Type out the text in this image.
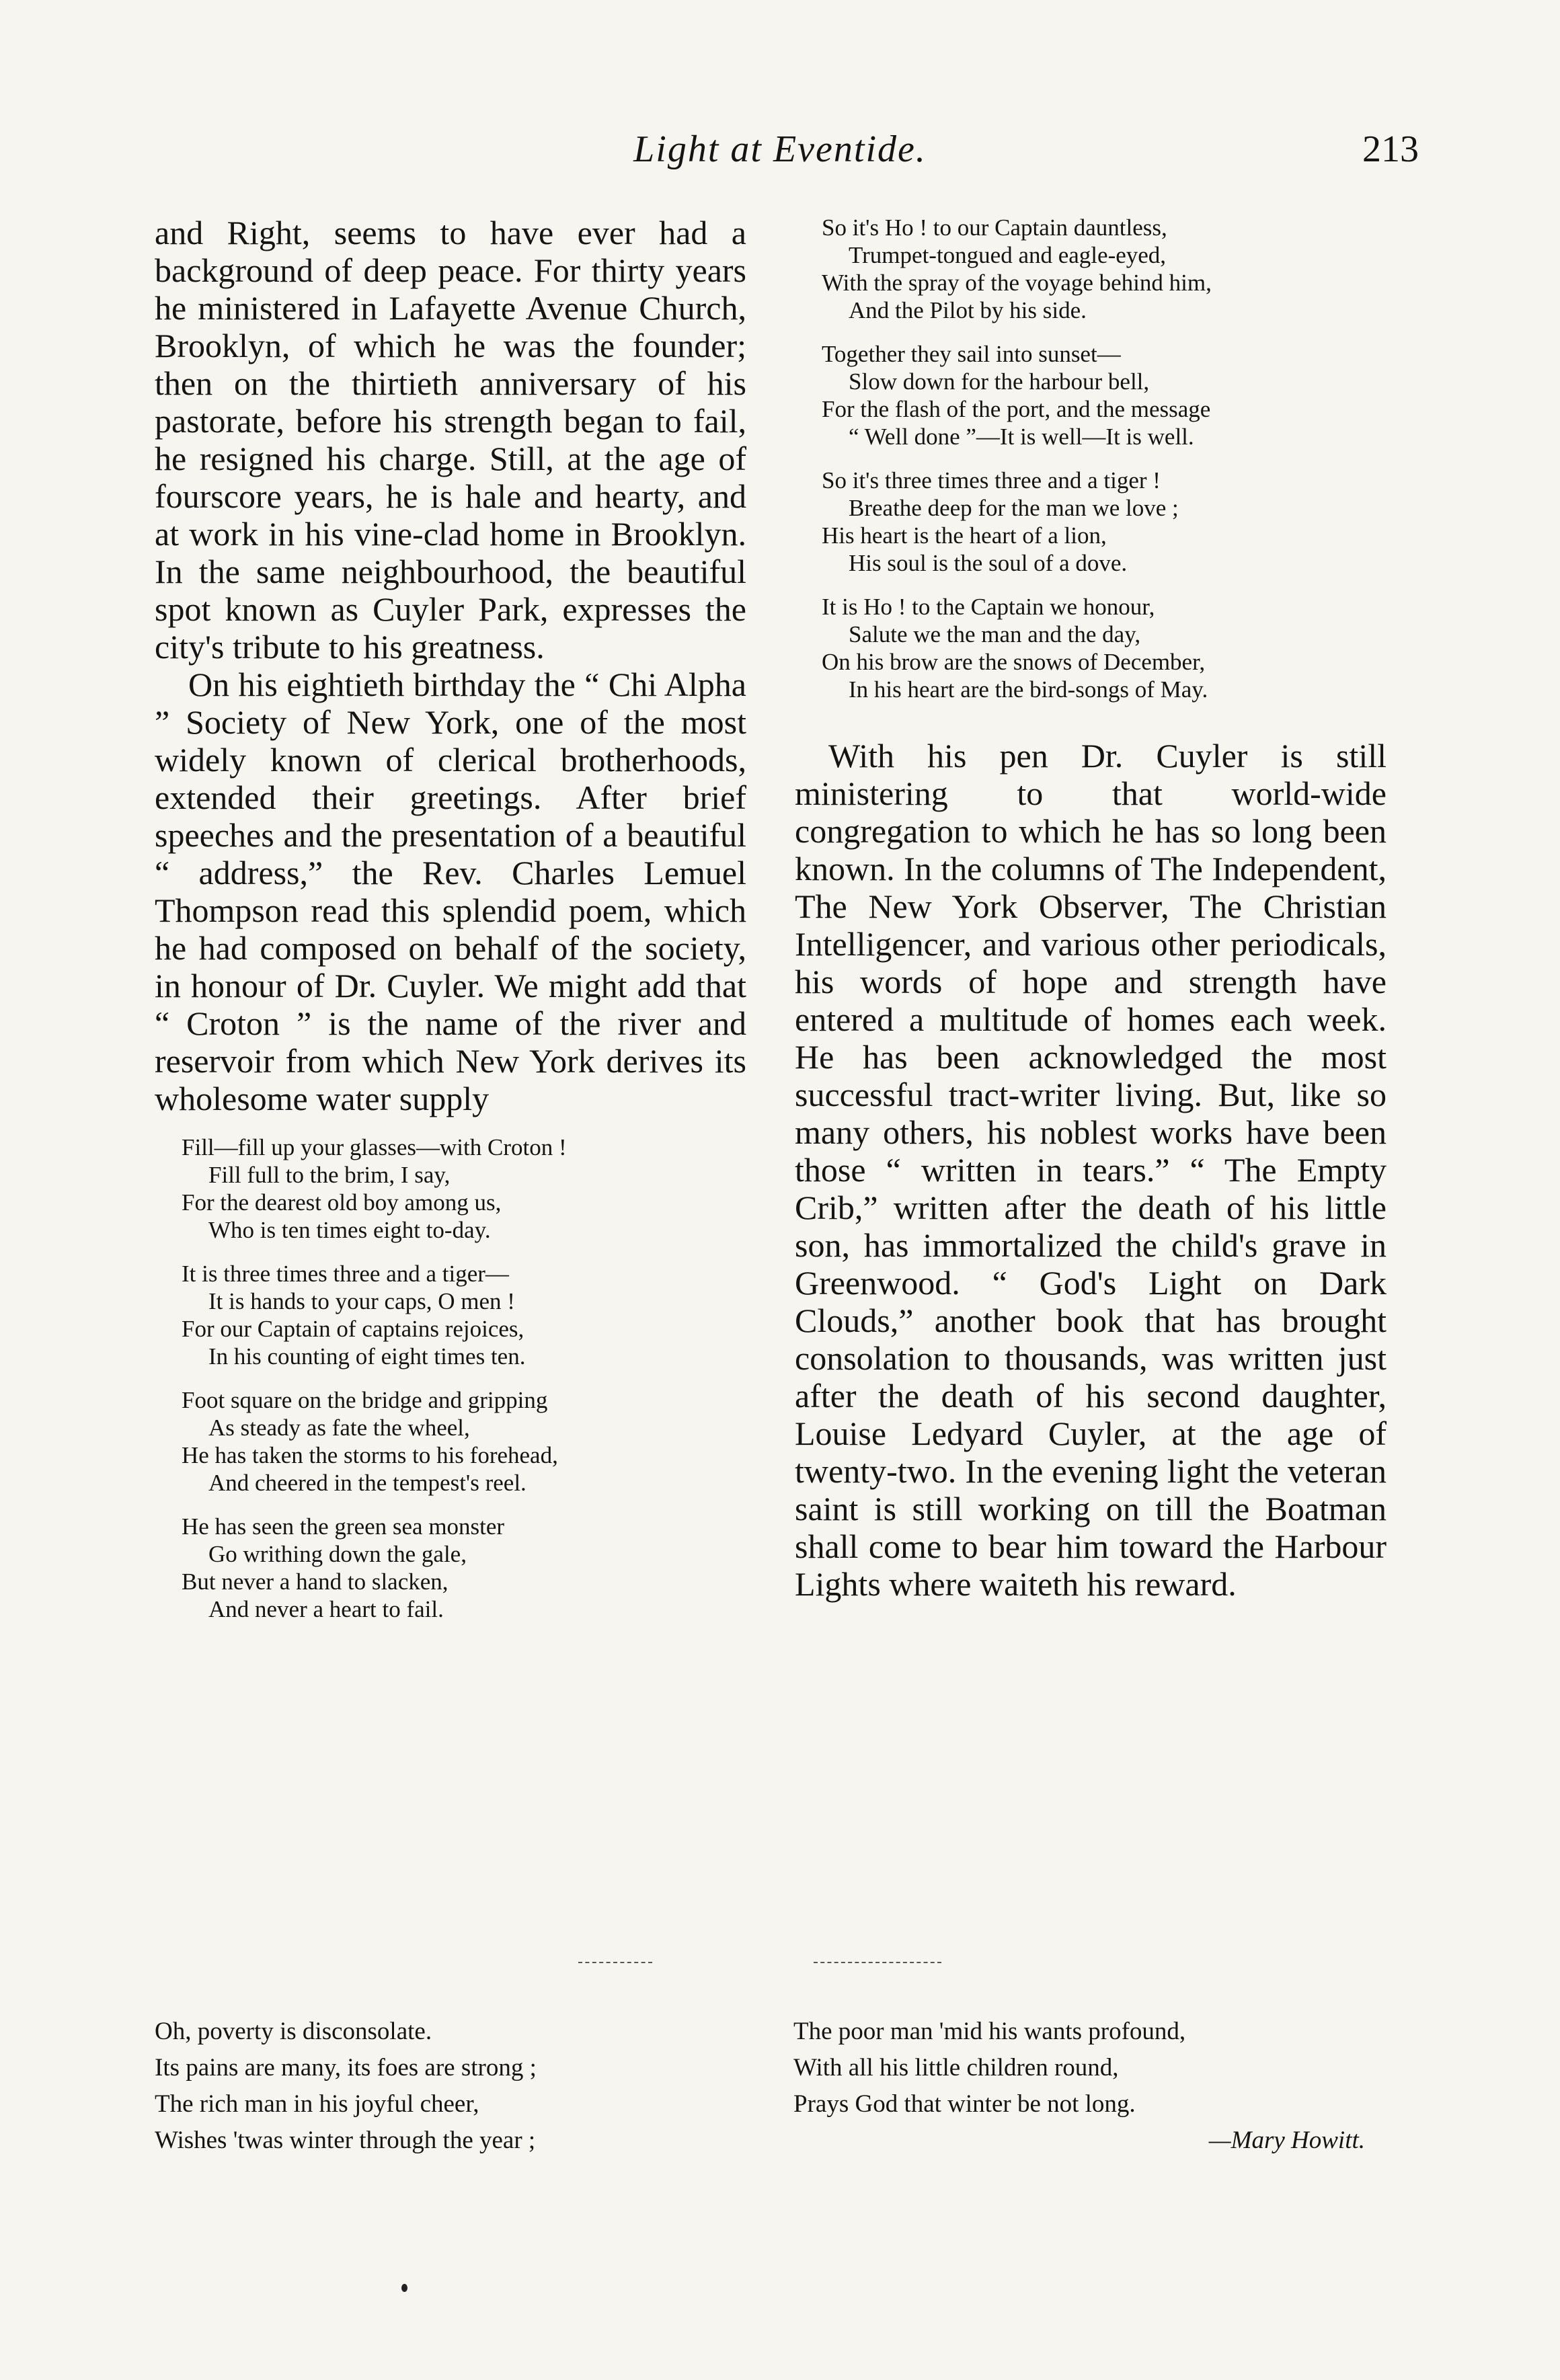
Light at Eventide.	213

and Right, seems to have ever had a background of deep peace. For thirty years he ministered in Lafayette Avenue Church, Brooklyn, of which he was the founder; then on the thirtieth anniversary of his pastorate, before his strength began to fail, he resigned his charge. Still, at the age of fourscore years, he is hale and hearty, and at work in his vine-clad home in Brooklyn. In the same neighbourhood, the beautiful spot known as Cuyler Park, expresses the city's tribute to his greatness.

On his eightieth birthday the “ Chi Alpha ” Society of New York, one of the most widely known of clerical brotherhoods, extended their greetings. After brief speeches and the presentation of a beautiful “ address,” the Rev. Charles Lemuel Thompson read this splendid poem, which he had composed on behalf of the society, in honour of Dr. Cuyler. We might add that “ Croton ” is the name of the river and reservoir from which New York derives its wholesome water supply

Fill—fill up your glasses—with Croton !
Fill full to the brim, I say,
For the dearest old boy among us,
Who is ten times eight to-day.
It is three times three and a tiger—
It is hands to your caps, O men !
For our Captain of captains rejoices,
In his counting of eight times ten.
Foot square on the bridge and gripping
As steady as fate the wheel,
He has taken the storms to his forehead,
And cheered in the tempest's reel.
He has seen the green sea monster
Go writhing down the gale,
But never a hand to slacken,
And never a heart to fail.
So it's Ho ! to our Captain dauntless,
Trumpet-tongued and eagle-eyed,
With the spray of the voyage behind him,
And the Pilot by his side.
Together they sail into sunset—
Slow down for the harbour bell,
For the flash of the port, and the message
“ Well done ”—It is well—It is well.
So it's three times three and a tiger !
Breathe deep for the man we love ;
His heart is the heart of a lion,
His soul is the soul of a dove.
It is Ho ! to the Captain we honour,
Salute we the man and the day,
On his brow are the snows of December,
In his heart are the bird-songs of May.

With his pen Dr. Cuyler is still ministering to that world-wide congregation to which he has so long been known. In the columns of The Independent, The New York Observer, The Christian Intelligencer, and various other periodicals, his words of hope and strength have entered a multitude of homes each week. He has been acknowledged the most successful tract-writer living. But, like so many others, his noblest works have been those “ written in tears.” “ The Empty Crib,” written after the death of his little son, has immortalized the child's grave in Greenwood. “ God's Light on Dark Clouds,” another book that has brought consolation to thousands, was written just after the death of his second daughter, Louise Ledyard Cuyler, at the age of twenty-two. In the evening light the veteran saint is still working on till the Boatman shall come to bear him toward the Harbour Lights where waiteth his reward.

Oh, poverty is disconsolate.
Its pains are many, its foes are strong ;
The rich man in his joyful cheer,
Wishes 'twas winter through the year ;
The poor man 'mid his wants profound,
With all his little children round,
Prays God that winter be not long.
—Mary Howitt.
